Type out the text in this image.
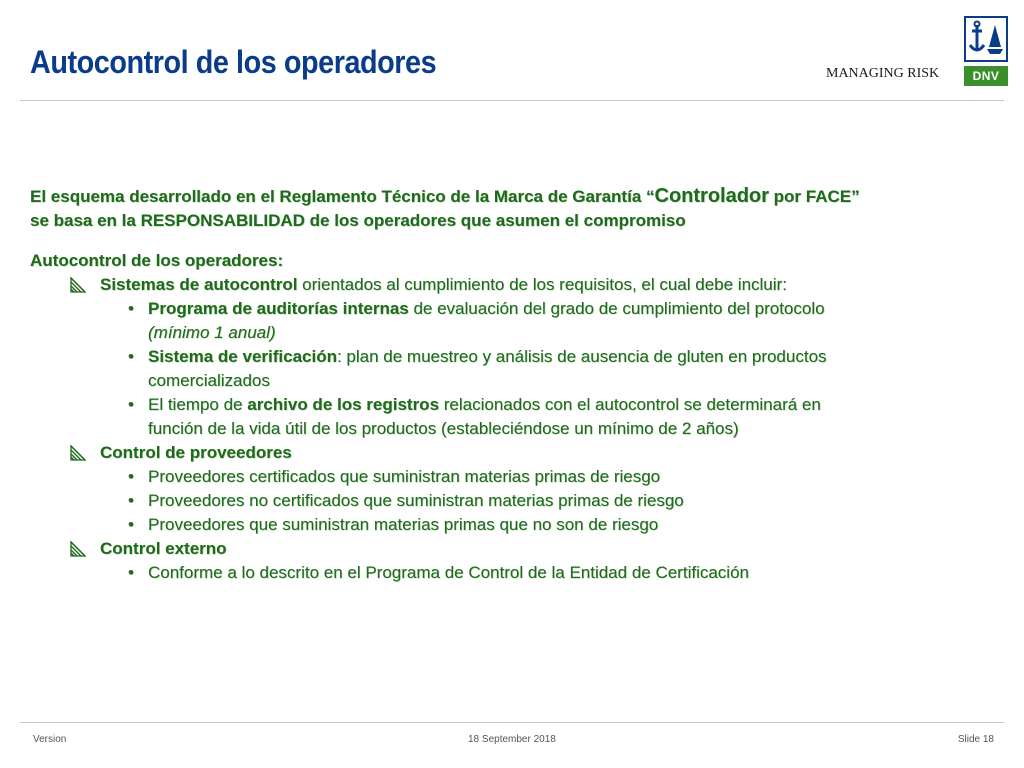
Autocontrol de los operadores	MANAGING RISK	DNV

El esquema desarrollado en el Reglamento Técnico de la Marca de Garantía “Controlador por FACE”

se basa en la RESPONSABILIDAD de los operadores que asumen el compromiso

Autocontrol de los operadores:
Sistemas de autocontrol orientados al cumplimiento de los requisitos, el cual debe incluir:
• Programa de auditorías internas de evaluación del grado de cumplimiento del protocolo
(mínimo 1 anual)
• Sistema de verificación: plan de muestreo y análisis de ausencia de gluten en productos
comercializados
• El tiempo de archivo de los registros relacionados con el autocontrol se determinará en
función de la vida útil de los productos (estableciéndose un mínimo de 2 años)
Control de proveedores
• Proveedores certificados que suministran materias primas de riesgo
• Proveedores no certificados que suministran materias primas de riesgo
• Proveedores que suministran materias primas que no son de riesgo
Control externo
• Conforme a lo descrito en el Programa de Control de la Entidad de Certificación
Version	18 September 2018	Slide 18
